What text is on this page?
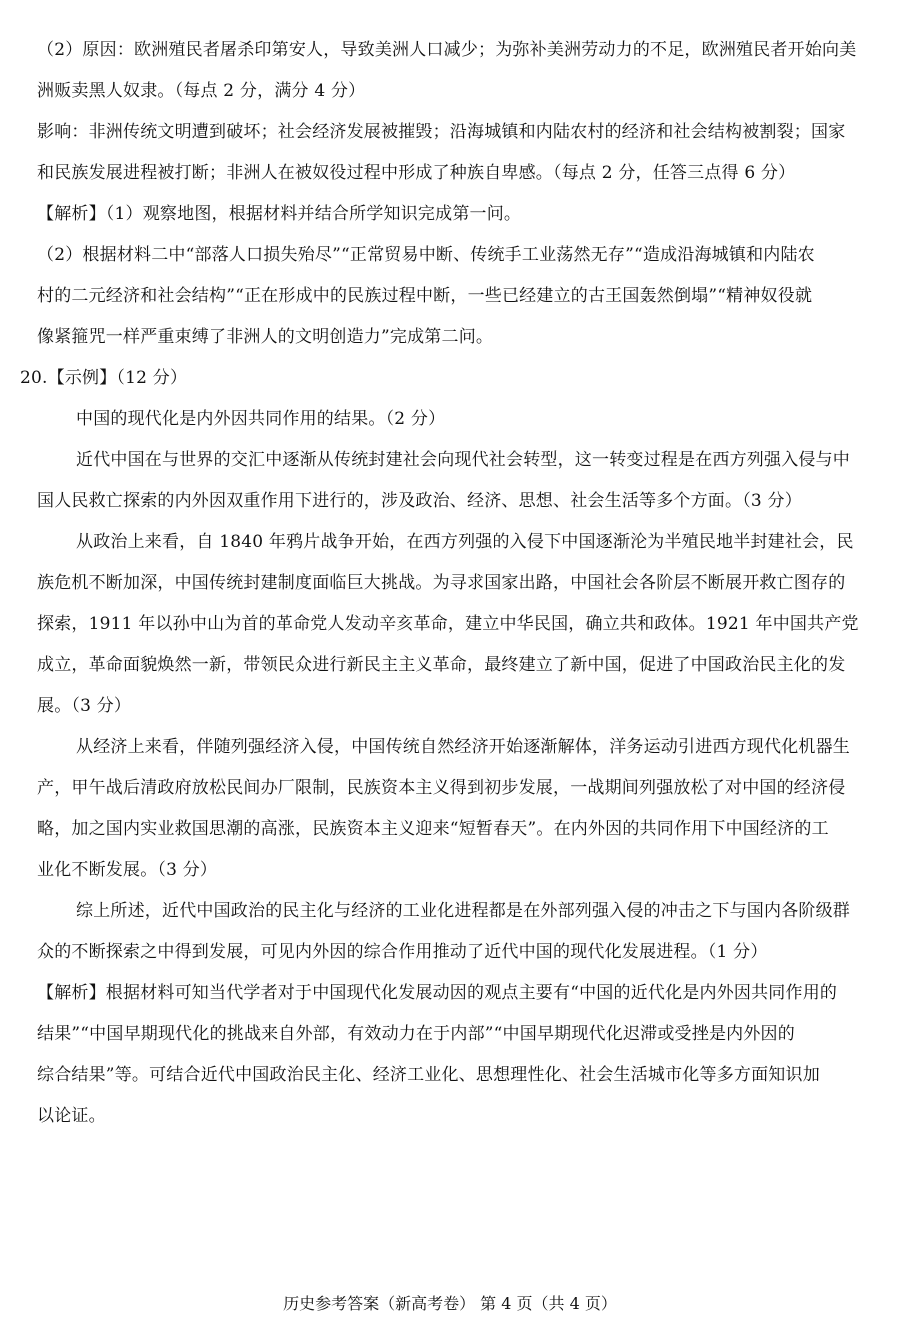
（2）原因：欧洲殖民者屠杀印第安人，导致美洲人口减少；为弥补美洲劳动力的不足，欧洲殖民者开始向美
洲贩卖黑人奴隶。（每点 2 分，满分 4 分）
影响：非洲传统文明遭到破坏；社会经济发展被摧毁；沿海城镇和内陆农村的经济和社会结构被割裂；国家
和民族发展进程被打断；非洲人在被奴役过程中形成了种族自卑感。（每点 2 分，任答三点得 6 分）
【解析】（1）观察地图，根据材料并结合所学知识完成第一问。
（2）根据材料二中“部落人口损失殆尽”“正常贸易中断、传统手工业荡然无存”“造成沿海城镇和内陆农
村的二元经济和社会结构”“正在形成中的民族过程中断，一些已经建立的古王国轰然倒塌”“精神奴役就
像紧箍咒一样严重束缚了非洲人的文明创造力”完成第二问。
20.【示例】（12 分）
中国的现代化是内外因共同作用的结果。（2 分）
近代中国在与世界的交汇中逐渐从传统封建社会向现代社会转型，这一转变过程是在西方列强入侵与中
国人民救亡探索的内外因双重作用下进行的，涉及政治、经济、思想、社会生活等多个方面。（3 分）
从政治上来看，自 1840 年鸦片战争开始，在西方列强的入侵下中国逐渐沦为半殖民地半封建社会，民
族危机不断加深，中国传统封建制度面临巨大挑战。为寻求国家出路，中国社会各阶层不断展开救亡图存的
探索，1911 年以孙中山为首的革命党人发动辛亥革命，建立中华民国，确立共和政体。1921 年中国共产党
成立，革命面貌焕然一新，带领民众进行新民主主义革命，最终建立了新中国，促进了中国政治民主化的发
展。（3 分）
从经济上来看，伴随列强经济入侵，中国传统自然经济开始逐渐解体，洋务运动引进西方现代化机器生
产，甲午战后清政府放松民间办厂限制，民族资本主义得到初步发展，一战期间列强放松了对中国的经济侵
略，加之国内实业救国思潮的高涨，民族资本主义迎来“短暂春天”。在内外因的共同作用下中国经济的工
业化不断发展。（3 分）
综上所述，近代中国政治的民主化与经济的工业化进程都是在外部列强入侵的冲击之下与国内各阶级群
众的不断探索之中得到发展，可见内外因的综合作用推动了近代中国的现代化发展进程。（1 分）
【解析】根据材料可知当代学者对于中国现代化发展动因的观点主要有“中国的近代化是内外因共同作用的
结果”“中国早期现代化的挑战来自外部，有效动力在于内部”“中国早期现代化迟滞或受挫是内外因的
综合结果”等。可结合近代中国政治民主化、经济工业化、思想理性化、社会生活城市化等多方面知识加
以论证。
历史参考答案（新高考卷） 第 4 页（共 4 页）
